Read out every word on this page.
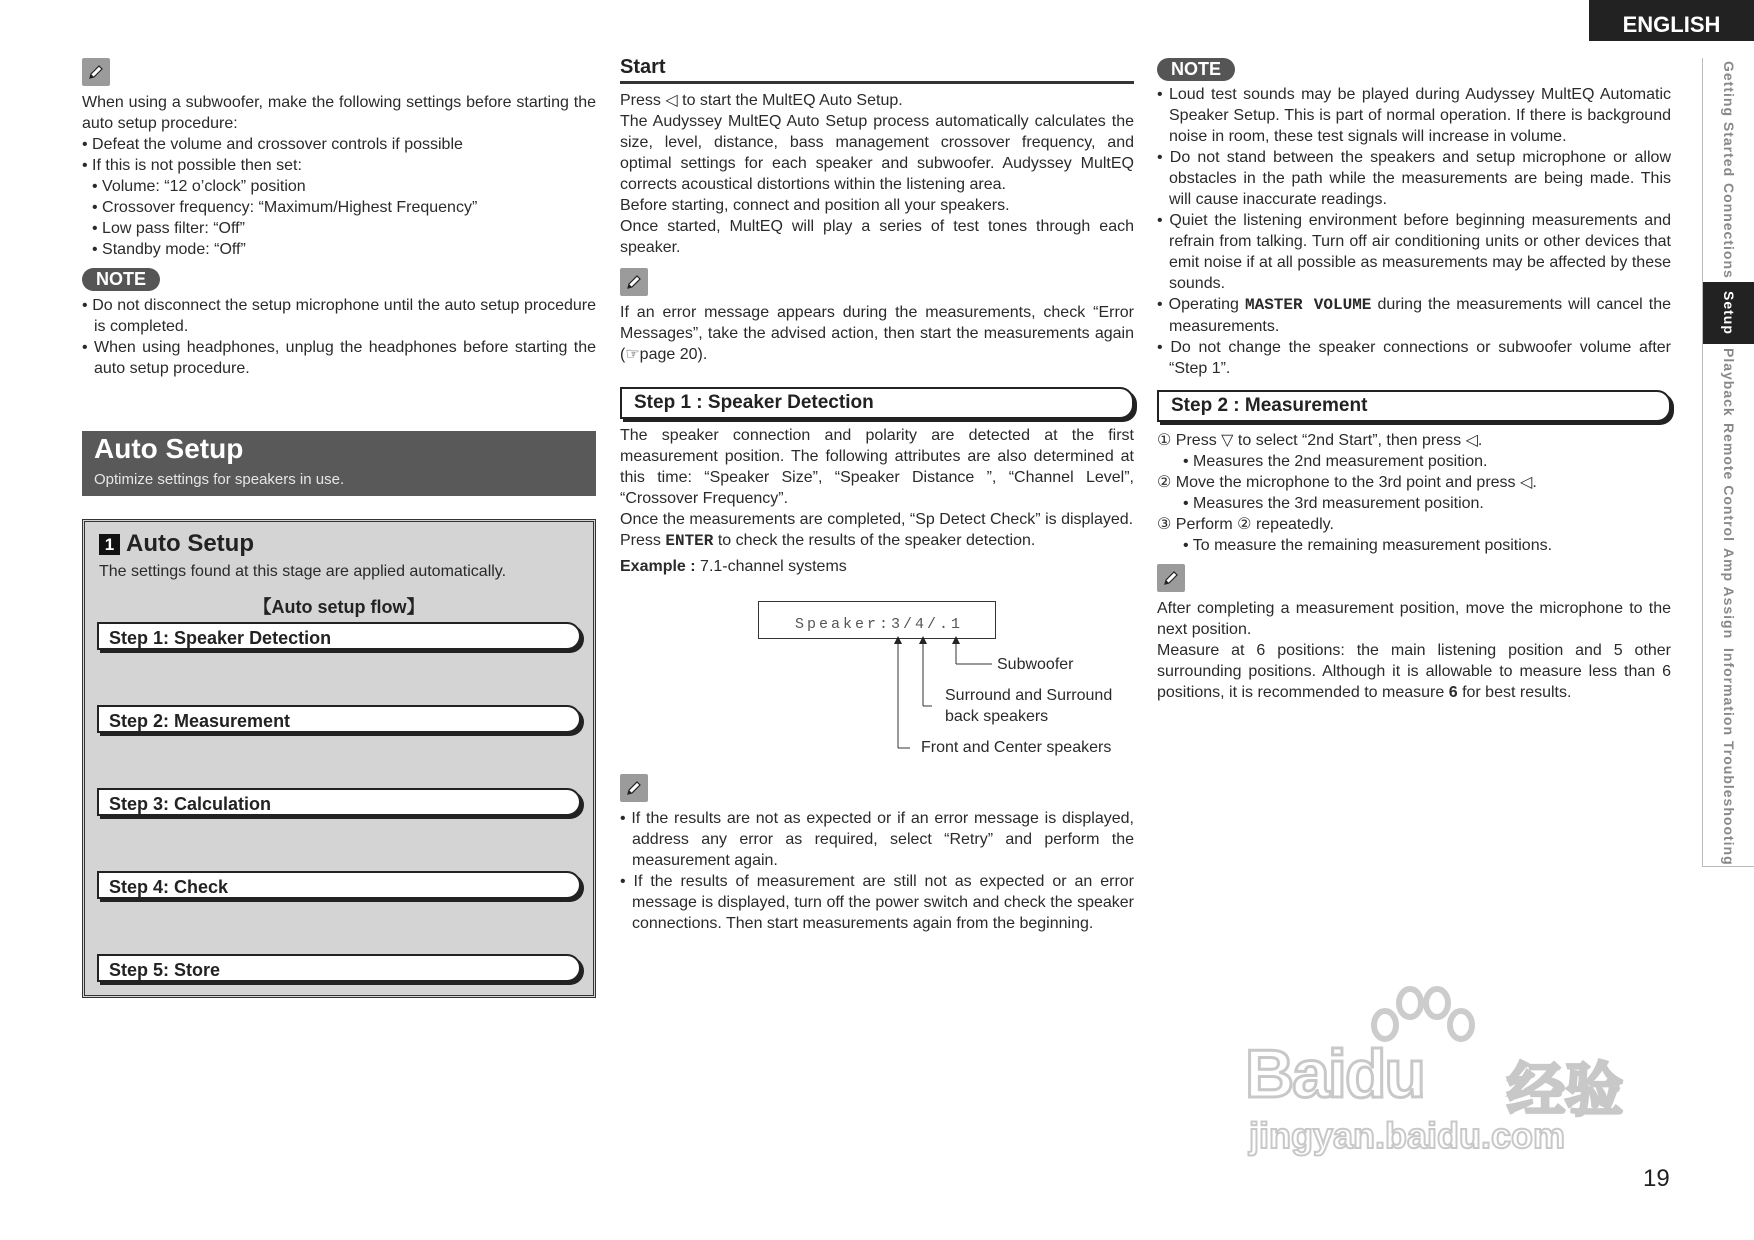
ENGLISH
Getting Started
Connections
Setup
Playback
Remote Control
Amp Assign
Information
Troubleshooting
When using a subwoofer, make the following settings before starting the auto setup procedure:
• Defeat the volume and crossover controls if possible
• If this is not possible then set:
• Volume: “12 o’clock” position
• Crossover frequency: “Maximum/Highest Frequency”
• Low pass filter: “Off”
• Standby mode: “Off”
NOTE
• Do not disconnect the setup microphone until the auto setup procedure is completed.
• When using headphones, unplug the headphones before starting the auto setup procedure.
Auto Setup
Optimize settings for speakers in use.
1 Auto Setup
The settings found at this stage are applied automatically.
【Auto setup flow】
Step 1: Speaker Detection
Step 2: Measurement
Step 3: Calculation
Step 4: Check
Step 5: Store
Start
Press ◁ to start the MultEQ Auto Setup.
The Audyssey MultEQ Auto Setup process automatically calculates the size, level, distance, bass management crossover frequency, and optimal settings for each speaker and subwoofer. Audyssey MultEQ corrects acoustical distortions within the listening area.
Before starting, connect and position all your speakers.
Once started, MultEQ will play a series of test tones through each speaker.
If an error message appears during the measurements, check “Error Messages”, take the advised action, then start the measurements again (☞page 20).
Step 1 : Speaker Detection
The speaker connection and polarity are detected at the first measurement position. The following attributes are also determined at this time: “Speaker Size”, “Speaker Distance ”, “Channel Level”, “Crossover Frequency”.
Once the measurements are completed, “Sp Detect Check” is displayed.
Press ENTER to check the results of the speaker detection.
Example : 7.1-channel systems
Speaker:3/4/.1
Subwoofer
Surround and Surround
back speakers
Front and Center speakers
• If the results are not as expected or if an error message is displayed, address any error as required, select “Retry” and perform the measurement again.
• If the results of measurement are still not as expected or an error message is displayed, turn off the power switch and check the speaker connections. Then start measurements again from the beginning.
NOTE
• Loud test sounds may be played during Audyssey MultEQ Automatic Speaker Setup. This is part of normal operation. If there is background noise in room, these test signals will increase in volume.
• Do not stand between the speakers and setup microphone or allow obstacles in the path while the measurements are being made. This will cause inaccurate readings.
• Quiet the listening environment before beginning measurements and refrain from talking. Turn off air conditioning units or other devices that emit noise if at all possible as measurements may be affected by these sounds.
• Operating MASTER VOLUME during the measurements will cancel the measurements.
• Do not change the speaker connections or subwoofer volume after “Step 1”.
Step 2 : Measurement
① Press ▽ to select “2nd Start”, then press ◁.
• Measures the 2nd measurement position.
② Move the microphone to the 3rd point and press ◁.
• Measures the 3rd measurement position.
③ Perform ② repeatedly.
• To measure the remaining measurement positions.
After completing a measurement position, move the microphone to the next position.
Measure at 6 positions: the main listening position and 5 other surrounding positions. Although it is allowable to measure less than 6 positions, it is recommended to measure 6 for best results.
Baidu 经验
jingyan.baidu.com
19
